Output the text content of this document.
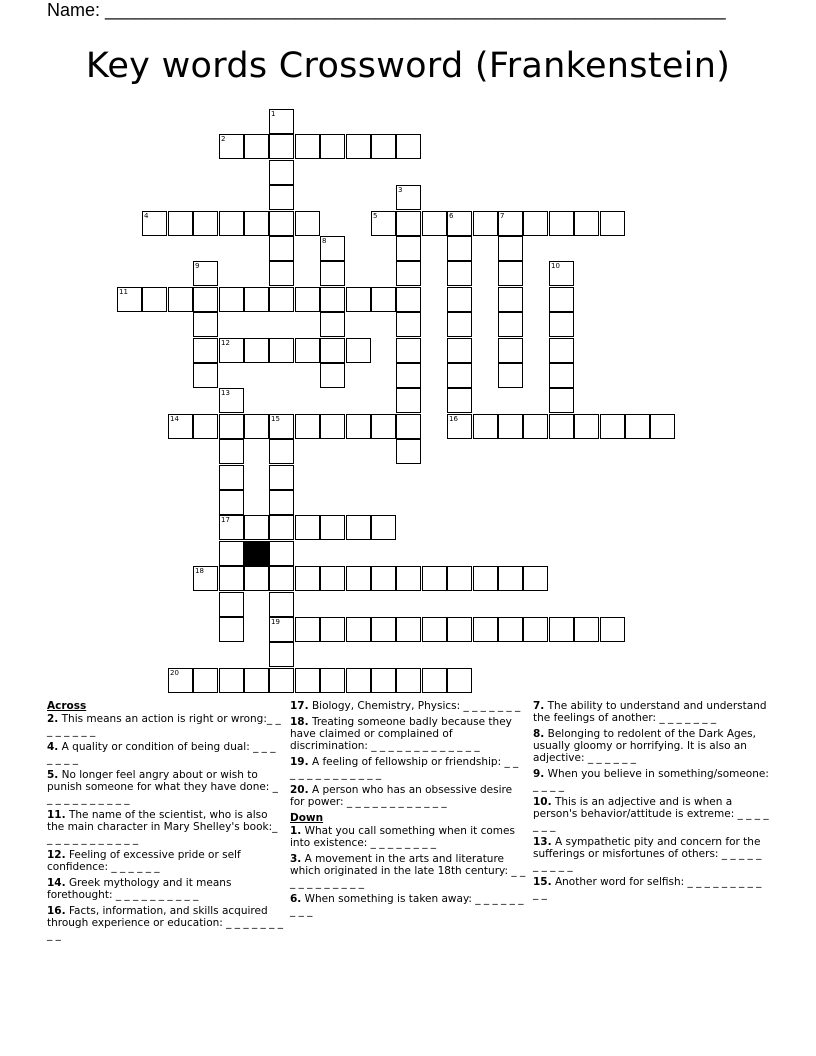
Name: ______________________________________________________________
Key words Crossword (Frankenstein)
1
2
3
4	5	6	7
8
9	10
11
12
13
14	15	16
17
18
19
20
Across
2. This means an action is right or wrong:_ _ _ _ _ _ _ _
4. A quality or condition of being dual: _ _ _ _ _ _ _
5. No longer feel angry about or wish to punish someone for what they have done: _ _ _ _ _ _ _ _ _ _ _
11. The name of the scientist, who is also the main character in Mary Shelley's book:_ _ _ _ _ _ _ _ _ _ _ _
12. Feeling of excessive pride or self confidence: _ _ _ _ _ _
14. Greek mythology and it means forethought: _ _ _ _ _ _ _ _ _ _
16. Facts, information, and skills acquired through experience or education: _ _ _ _ _ _ _ _ _
17. Biology, Chemistry, Physics: _ _ _ _ _ _ _
18. Treating someone badly because they have claimed or complained of discrimination: _ _ _ _ _ _ _ _ _ _ _ _ _
19. A feeling of fellowship or friendship: _ _ _ _ _ _ _ _ _ _ _ _ _
20. A person who has an obsessive desire for power: _ _ _ _ _ _ _ _ _ _ _ _
Down
1. What you call something when it comes into existence: _ _ _ _ _ _ _ _
3. A movement in the arts and literature which originated in the late 18th century: _ _ _ _ _ _ _ _ _ _ _
6. When something is taken away: _ _ _ _ _ _ _ _ _
7. The ability to understand and understand the feelings of another: _ _ _ _ _ _ _
8. Belonging to redolent of the Dark Ages, usually gloomy or horrifying. It is also an adjective: _ _ _ _ _ _
9. When you believe in something/someone: _ _ _ _
10. This is an adjective and is when a person's behavior/attitude is extreme: _ _ _ _ _ _ _
13. A sympathetic pity and concern for the sufferings or misfortunes of others: _ _ _ _ _ _ _ _ _ _
15. Another word for selfish: _ _ _ _ _ _ _ _ _ _ _
